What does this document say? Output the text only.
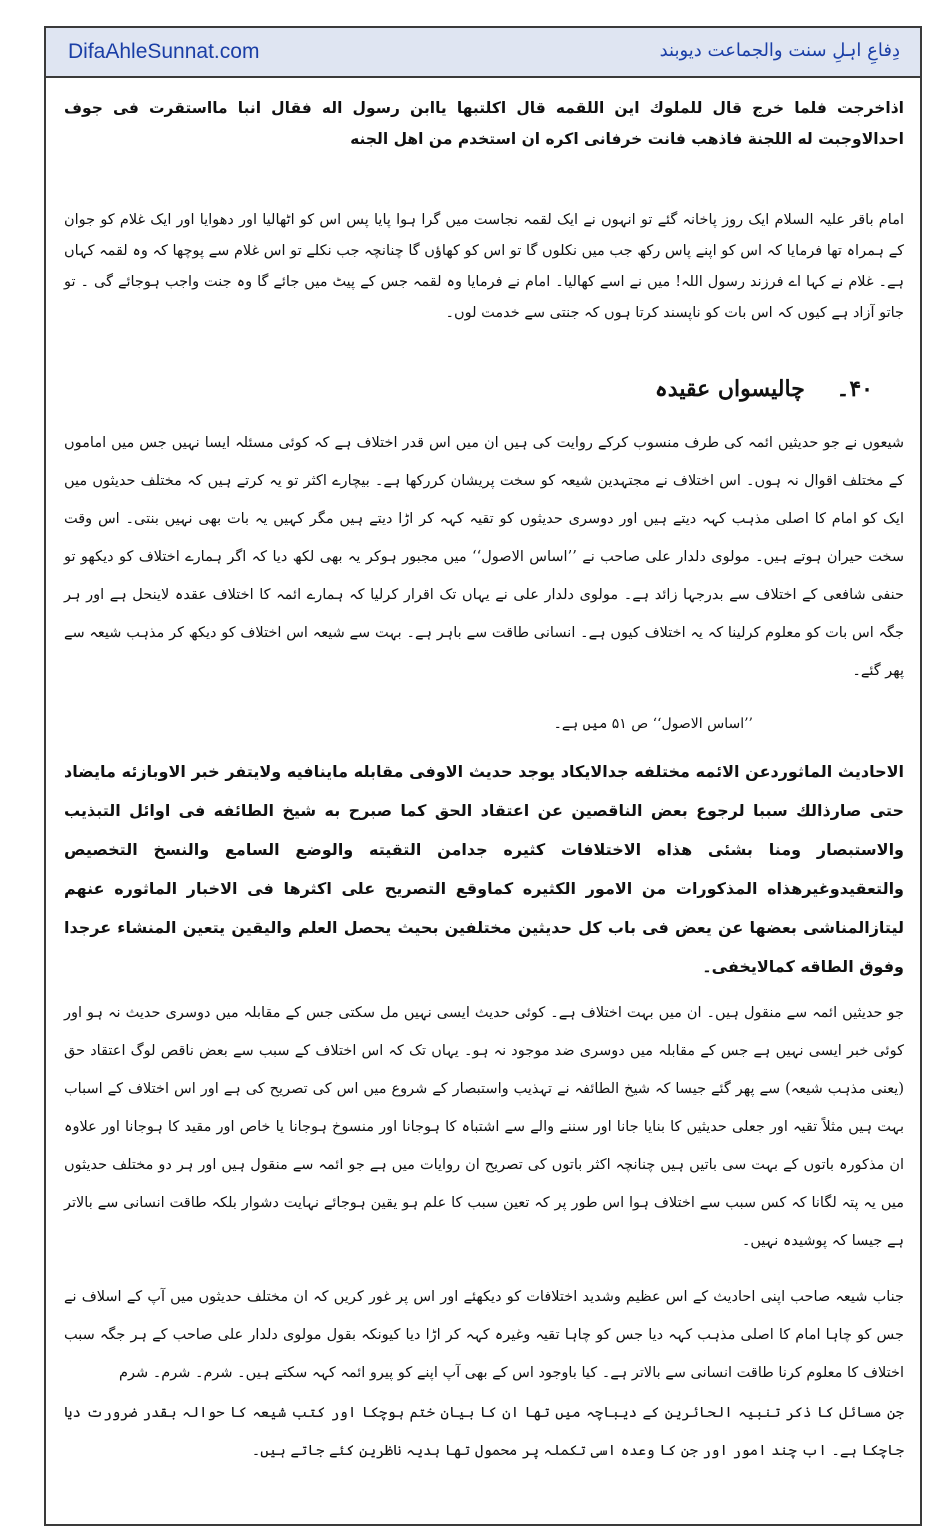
DifaAhleSunnat.com	دِفاعِ اہلِ سنت والجماعت دیوبند
اذاخرجت فلما خرج قال للملوك اين اللقمه قال اكلتبها ياابن رسول اله فقال انبا مااستقرت فى جوف احدالاوجبت له اللجنة فاذهب فانت خرفانى اكره ان استخدم من اهل الجنه
امام باقر علیہ السلام ایک روز پاخانہ گئے تو انہوں نے ایک لقمہ نجاست میں گرا ہوا پایا پس اس کو اٹھالیا اور دھوایا اور ایک غلام کو جوان کے ہمراہ تھا فرمایا کہ اس کو اپنے پاس رکھ جب میں نکلوں گا تو اس کو کھاؤں گا چنانچہ جب نکلے تو اس غلام سے پوچھا کہ وہ لقمہ کہاں ہے۔ غلام نے کہا اے فرزند رسول اللہ! میں نے اسے کھالیا۔ امام نے فرمایا وہ لقمہ جس کے پیٹ میں جائے گا وہ جنت واجب ہوجائے گی ۔ تو جاتو آزاد ہے کیوں کہ اس بات کو ناپسند کرتا ہوں کہ جنتی سے خدمت لوں۔
۴۰۔ چالیسواں عقیدہ
شیعوں نے جو حدیثیں ائمہ کی طرف منسوب کرکے روایت کی ہیں ان میں اس قدر اختلاف ہے کہ کوئی مسئلہ ایسا نہیں جس میں اماموں کے مختلف اقوال نہ ہوں۔ اس اختلاف نے مجتہدین شیعہ کو سخت پریشان کررکھا ہے۔ بیچارے اکثر تو یہ کرتے ہیں کہ مختلف حدیثوں میں ایک کو امام کا اصلی مذہب کہہ دیتے ہیں اور دوسری حدیثوں کو تقیہ کہہ کر اڑا دیتے ہیں مگر کہیں یہ بات بھی نہیں بنتی۔ اس وقت سخت حیران ہوتے ہیں۔ مولوی دلدار علی صاحب نے ’’اساس الاصول‘‘ میں مجبور ہوکر یہ بھی لکھ دیا کہ اگر ہمارے اختلاف کو دیکھو تو حنفی شافعی کے اختلاف سے بدرجہا زائد ہے۔ مولوی دلدار علی نے یہاں تک اقرار کرلیا کہ ہمارے ائمہ کا اختلاف عقدہ لاینحل ہے اور ہر جگہ اس بات کو معلوم کرلینا کہ یہ اختلاف کیوں ہے۔ انسانی طاقت سے باہر ہے۔ بہت سے شیعہ اس اختلاف کو دیکھ کر مذہب شیعہ سے پھر گئے۔
’’اساس الاصول‘‘ ص ۵۱ میں ہے۔
الاحاديث الماثوردعن الائمه مختلفه جدالايكاد يوجد حديث الاوفى مقابله ماينافيه ولايتفر خبر الاوبازئه مايضاد حتى صارذالك سببا لرجوع بعض الناقصين عن اعتقاد الحق كما صبرح به شيخ الطائفه فى اوائل التبذيب والاستبصار ومنا بشئى هذاه الاختلافات كثيره جدامن التقيته والوضع السامع والنسخ التخصيص والتعقيدوغيرهذاه المذكورات من الامور الكثيره كماوقع التصريح على اكثرها فى الاخبار الماثوره عنهم ليتازالمناشى بعضها عن يعض فى باب كل حديثين مختلفين بحيث يحصل العلم واليقين يتعين المنشاء عرجدا وفوق الطاقه كمالايخفى۔
جو حدیثیں ائمہ سے منقول ہیں۔ ان میں بہت اختلاف ہے۔ کوئی حدیث ایسی نہیں مل سکتی جس کے مقابلہ میں دوسری حدیث نہ ہو اور کوئی خبر ایسی نہیں ہے جس کے مقابلہ میں دوسری ضد موجود نہ ہو۔ یہاں تک کہ اس اختلاف کے سبب سے بعض ناقص لوگ اعتقاد حق (یعنی مذہب شیعہ) سے پھر گئے جیسا کہ شیخ الطائفہ نے تہذیب واستبصار کے شروع میں اس کی تصریح کی ہے اور اس اختلاف کے اسباب بہت ہیں مثلاً تقیہ اور جعلی حدیثیں کا بنایا جانا اور سننے والے سے اشتباہ کا ہوجانا اور منسوخ ہوجانا یا خاص اور مقید کا ہوجانا اور علاوہ ان مذکورہ باتوں کے بہت سی باتیں ہیں چنانچہ اکثر باتوں کی تصریح ان روایات میں ہے جو ائمہ سے منقول ہیں اور ہر دو مختلف حدیثوں میں یہ پتہ لگانا کہ کس سبب سے اختلاف ہوا اس طور پر کہ تعین سبب کا علم ہو یقین ہوجائے نہایت دشوار بلکہ طاقت انسانی سے بالاتر ہے جیسا کہ پوشیدہ نہیں۔
جناب شیعہ صاحب اپنی احادیث کے اس عظیم وشدید اختلافات کو دیکھئے اور اس پر غور کریں کہ ان مختلف حدیثوں میں آپ کے اسلاف نے جس کو چاہا امام کا اصلی مذہب کہہ دیا جس کو چاہا تقیہ وغیرہ کہہ کر اڑا دیا کیونکہ بقول مولوی دلدار علی صاحب کے ہر جگہ سبب اختلاف کا معلوم کرنا طاقت انسانی سے بالاتر ہے۔ کیا باوجود اس کے بھی آپ اپنے کو پیرو ائمہ کہہ سکتے ہیں۔ شرم۔ شرم۔ شرم
جن مسائل کا ذکر تنبیہ الحائرین کے دیباچہ میں تھا ان کا بیان ختم ہوچکا اور کتب شیعہ کا حوالہ بقدر ضرورت دیا جاچکا ہے۔ اب چند امور اور جن کا وعدہ اسی تکملہ پر محمول تھا ہدیہ ناظرین کئے جاتے ہیں۔
